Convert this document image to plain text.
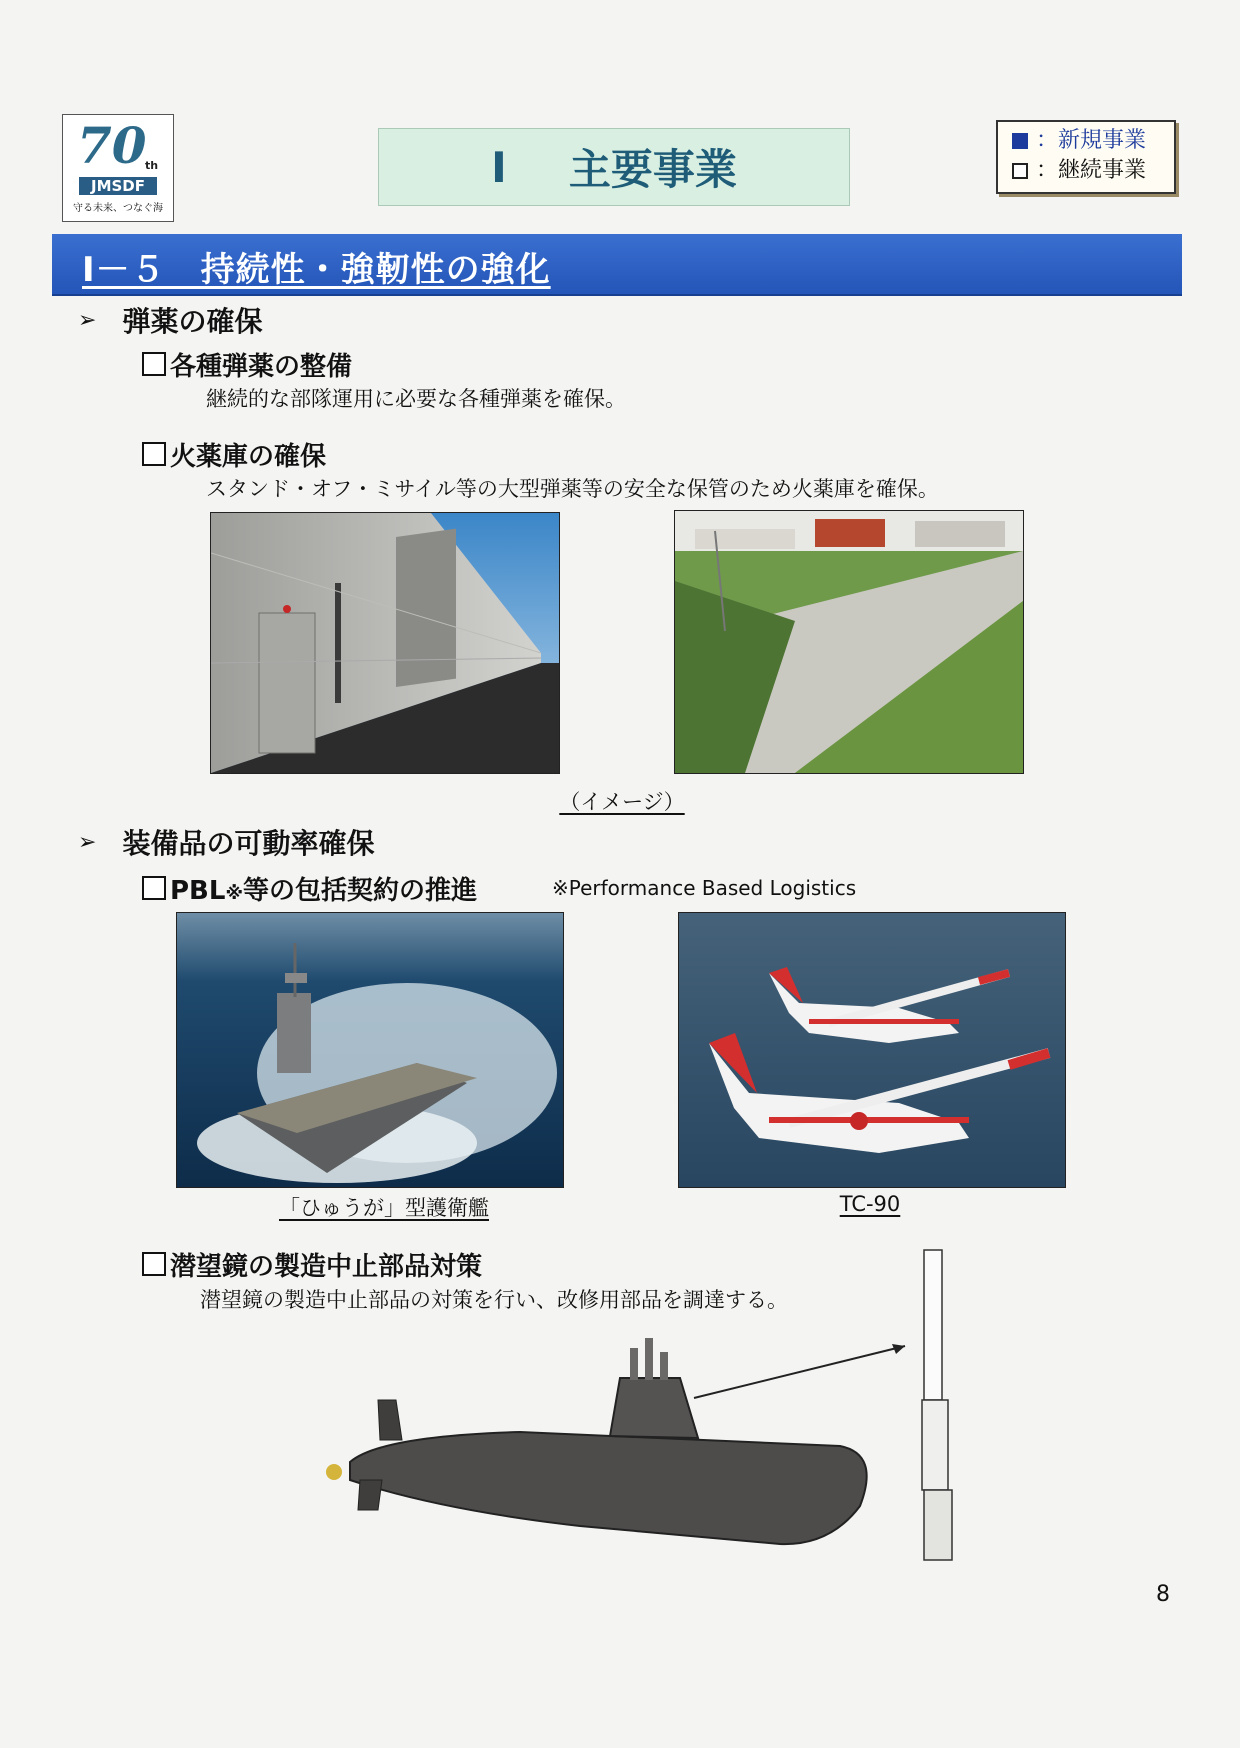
70
th
JMSDF
守る未来、つなぐ海
Ⅰ 主要事業
：新規事業
：継続事業
Ⅰ－５　持続性・強靭性の強化
➢ 弾薬の確保
各種弾薬の整備
継続的な部隊運用に必要な各種弾薬を確保。
火薬庫の確保
スタンド・オフ・ミサイル等の大型弾薬等の安全な保管のため火薬庫を確保。
（イメージ）
➢ 装備品の可動率確保
PBL※等の包括契約の推進	※Performance Based Logistics
「ひゅうが」型護衛艦	TC-90
潜望鏡の製造中止部品対策
潜望鏡の製造中止部品の対策を行い、改修用部品を調達する。
8
